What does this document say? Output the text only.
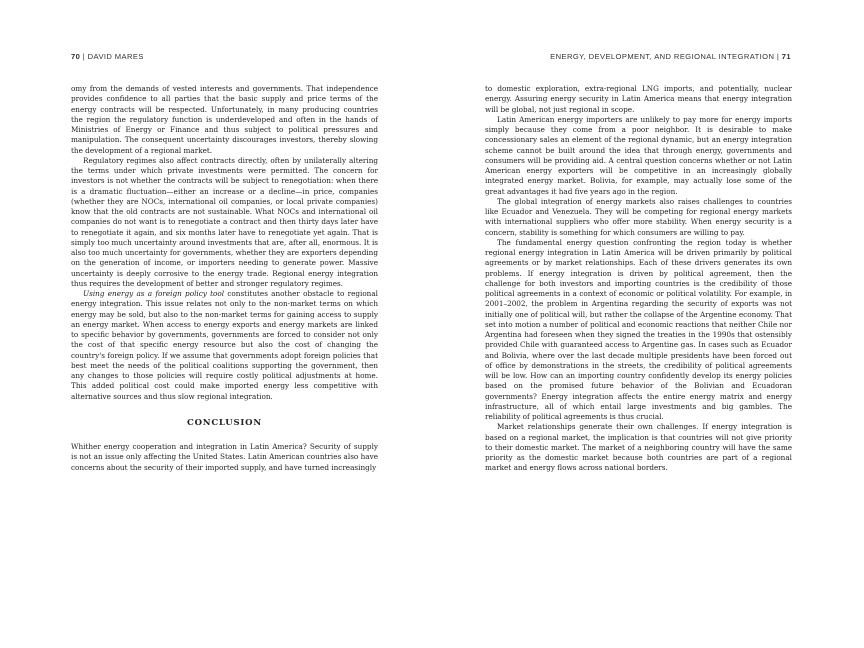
70 | DAVID MARES

omy from the demands of vested interests and governments. That independence provides confidence to all parties that the basic supply and price terms of the energy contracts will be respected. Unfortunately, in many producing countries the region the regulatory function is underdeveloped and often in the hands of Ministries of Energy or Finance and thus subject to political pressures and manipulation. The consequent uncertainty discourages investors, thereby slowing the development of a regional market.

Regulatory regimes also affect contracts directly, often by unilaterally altering the terms under which private investments were permitted. The concern for investors is not whether the contracts will be subject to renegotiation: when there is a dramatic fluctuation—either an increase or a decline—in price, companies (whether they are NOCs, international oil companies, or local private companies) know that the old contracts are not sustainable. What NOCs and international oil companies do not want is to renegotiate a contract and then thirty days later have to renegotiate it again, and six months later have to renegotiate yet again. That is simply too much uncertainty around investments that are, after all, enormous. It is also too much uncertainty for governments, whether they are exporters depending on the generation of income, or importers needing to generate power. Massive uncertainty is deeply corrosive to the energy trade. Regional energy integration thus requires the development of better and stronger regulatory regimes.

Using energy as a foreign policy tool constitutes another obstacle to regional energy integration. This issue relates not only to the non-market terms on which energy may be sold, but also to the non-market terms for gaining access to supply an energy market. When access to energy exports and energy markets are linked to specific behavior by governments, governments are forced to consider not only the cost of that specific energy resource but also the cost of changing the country's foreign policy. If we assume that governments adopt foreign policies that best meet the needs of the political coalitions supporting the government, then any changes to those policies will require costly political adjustments at home. This added political cost could make imported energy less competitive with alternative sources and thus slow regional integration.

CONCLUSION

Whither energy cooperation and integration in Latin America? Security of supply is not an issue only affecting the United States. Latin American countries also have concerns about the security of their imported supply, and have turned increasingly

ENERGY, DEVELOPMENT, AND REGIONAL INTEGRATION | 71

to domestic exploration, extra-regional LNG imports, and potentially, nuclear energy. Assuring energy security in Latin America means that energy integration will be global, not just regional in scope.

Latin American energy importers are unlikely to pay more for energy imports simply because they come from a poor neighbor. It is desirable to make concessionary sales an element of the regional dynamic, but an energy integration scheme cannot be built around the idea that through energy, governments and consumers will be providing aid. A central question concerns whether or not Latin American energy exporters will be competitive in an increasingly globally integrated energy market. Bolivia, for example, may actually lose some of the great advantages it had five years ago in the region.

The global integration of energy markets also raises challenges to countries like Ecuador and Venezuela. They will be competing for regional energy markets with international suppliers who offer more stability. When energy security is a concern, stability is something for which consumers are willing to pay.

The fundamental energy question confronting the region today is whether regional energy integration in Latin America will be driven primarily by political agreements or by market relationships. Each of these drivers generates its own problems. If energy integration is driven by political agreement, then the challenge for both investors and importing countries is the credibility of those political agreements in a context of economic or political volatility. For example, in 2001–2002, the problem in Argentina regarding the security of exports was not initially one of political will, but rather the collapse of the Argentine economy. That set into motion a number of political and economic reactions that neither Chile nor Argentina had foreseen when they signed the treaties in the 1990s that ostensibly provided Chile with guaranteed access to Argentine gas. In cases such as Ecuador and Bolivia, where over the last decade multiple presidents have been forced out of office by demonstrations in the streets, the credibility of political agreements will be low. How can an importing country confidently develop its energy policies based on the promised future behavior of the Bolivian and Ecuadoran governments? Energy integration affects the entire energy matrix and energy infrastructure, all of which entail large investments and big gambles. The reliability of political agreements is thus crucial.

Market relationships generate their own challenges. If energy integration is based on a regional market, the implication is that countries will not give priority to their domestic market. The market of a neighboring country will have the same priority as the domestic market because both countries are part of a regional market and energy flows across national borders.
